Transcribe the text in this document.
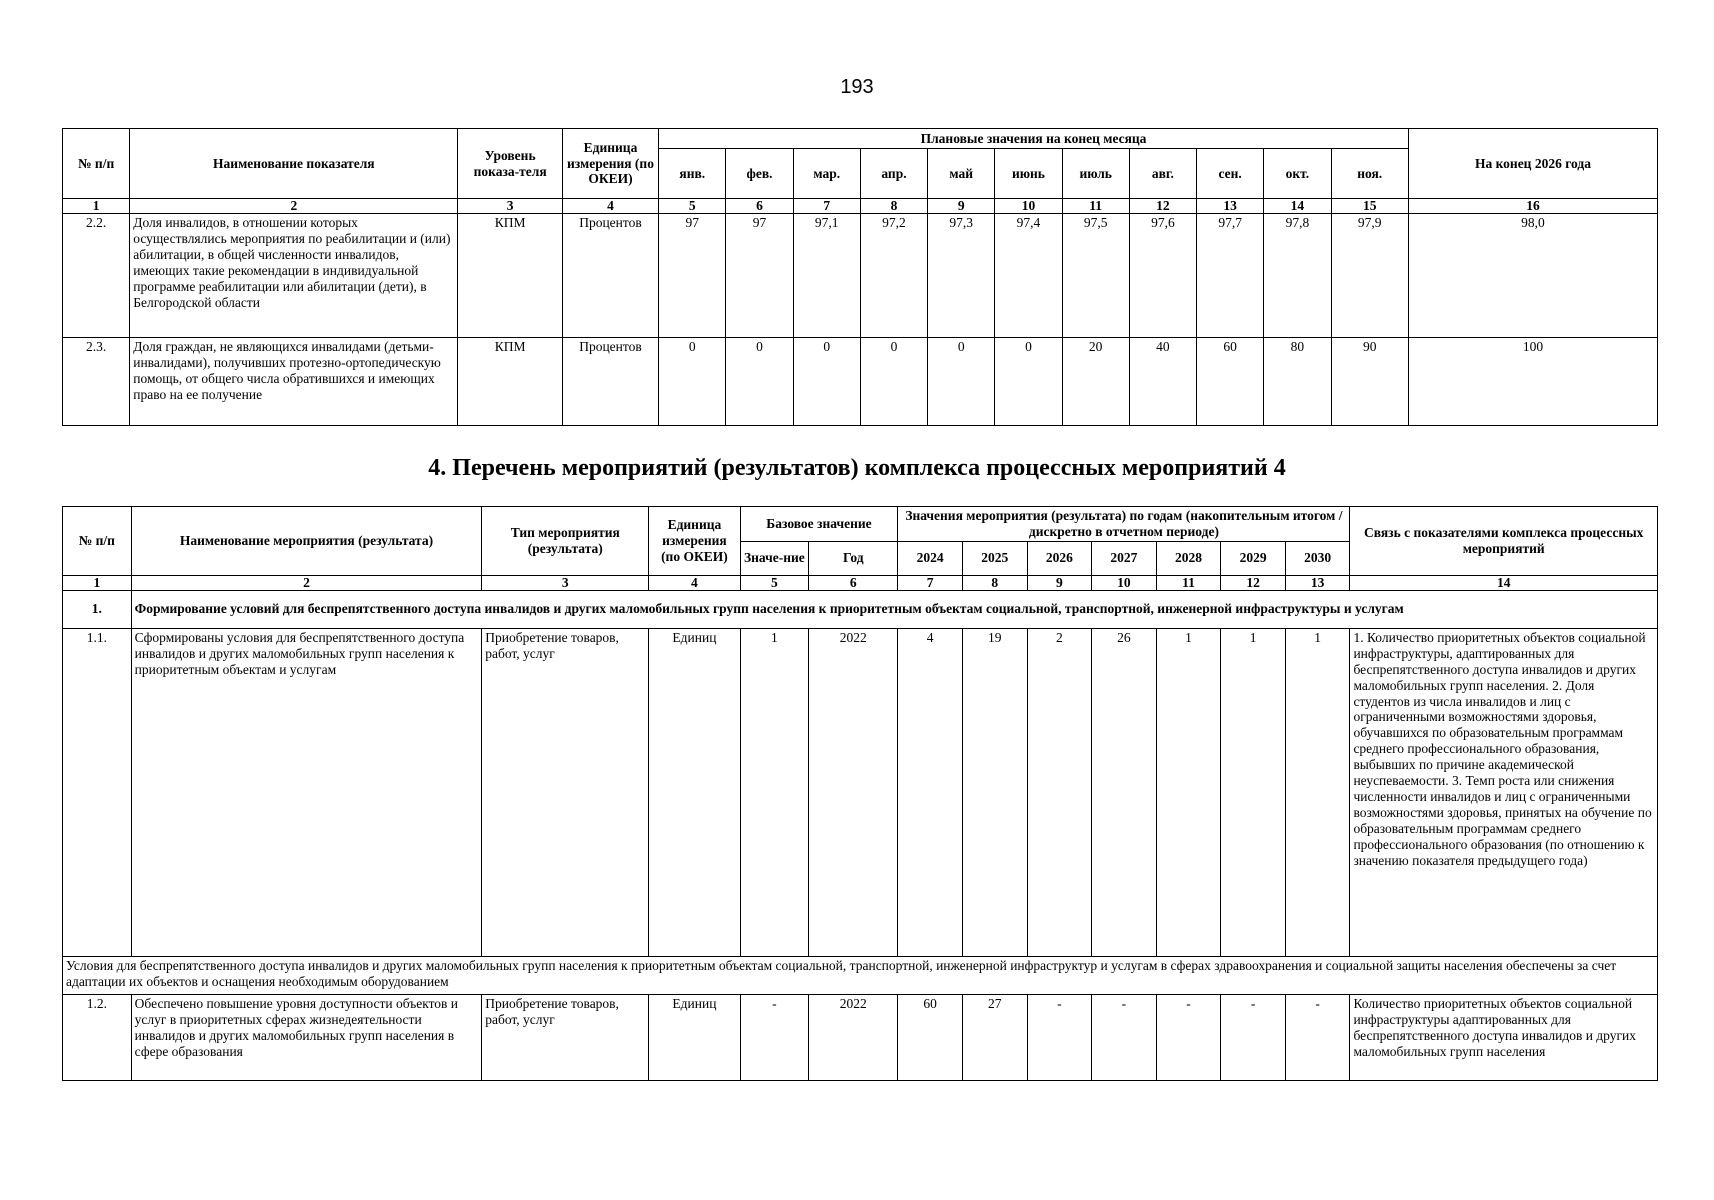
193
№ п/п	Наименование показателя	Уровень показа-теля	Единица измерения (по ОКЕИ)	Плановые значения на конец месяца											На конец 2026 года
				янв.	фев.	мар.	апр.	май	июнь	июль	авг.	сен.	окт.	ноя.	
1	2	3	4	5	6	7	8	9	10	11	12	13	14	15	16
2.2.	Доля инвалидов, в отношении которых осуществлялись мероприятия по реабилитации и (или) абилитации, в общей численности инвалидов, имеющих такие рекомендации в индивидуальной программе реабилитации или абилитации (дети), в Белгородской области	КПМ	Процентов	97	97	97,1	97,2	97,3	97,4	97,5	97,6	97,7	97,8	97,9	98,0
2.3.	Доля граждан, не являющихся инвалидами (детьми-инвалидами), получивших протезно-ортопедическую помощь, от общего числа обратившихся и имеющих право на ее получение	КПМ	Процентов	0	0	0	0	0	0	20	40	60	80	90	100
4. Перечень мероприятий (результатов) комплекса процессных мероприятий 4
№ п/п	Наименование мероприятия (результата)	Тип мероприятия (результата)	Единица измерения (по ОКЕИ)	Базовое значение		Значения мероприятия (результата) по годам (накопительным итогом / дискретно в отчетном периоде)							Связь с показателями комплекса процессных мероприятий
				Значе-ние	Год	2024	2025	2026	2027	2028	2029	2030	
1	2	3	4	5	6	7	8	9	10	11	12	13	14
1.	Формирование условий для беспрепятственного доступа инвалидов и других маломобильных групп населения к приоритетным объектам социальной, транспортной, инженерной инфраструктуры и услугам												
1.1.	Сформированы условия для беспрепятственного доступа инвалидов и других маломобильных групп населения к приоритетным объектам и услугам	Приобретение товаров, работ, услуг	Единиц	1	2022	4	19	2	26	1	1	1	1. Количество приоритетных объектов социальной инфраструктуры, адаптированных для беспрепятственного доступа инвалидов и других маломобильных групп населения. 2. Доля студентов из числа инвалидов и лиц с ограниченными возможностями здоровья, обучавшихся по образовательным программам среднего профессионального образования, выбывших по причине академической неуспеваемости. 3. Темп роста или снижения численности инвалидов и лиц с ограниченными возможностями здоровья, принятых на обучение по образовательным программам среднего профессионального образования (по отношению к значению показателя предыдущего года)
Условия для беспрепятственного доступа инвалидов и других маломобильных групп населения к приоритетным объектам социальной, транспортной, инженерной инфраструктур и услугам в сферах здравоохранения и социальной защиты населения обеспечены за счет адаптации их объектов и оснащения необходимым оборудованием													
1.2.	Обеспечено повышение уровня доступности объектов и услуг в приоритетных сферах жизнедеятельности инвалидов и других маломобильных групп населения в сфере образования	Приобретение товаров, работ, услуг	Единиц	-	2022	60	27	-	-	-	-	-	Количество приоритетных объектов социальной инфраструктуры адаптированных для беспрепятственного доступа инвалидов и других маломобильных групп населения
